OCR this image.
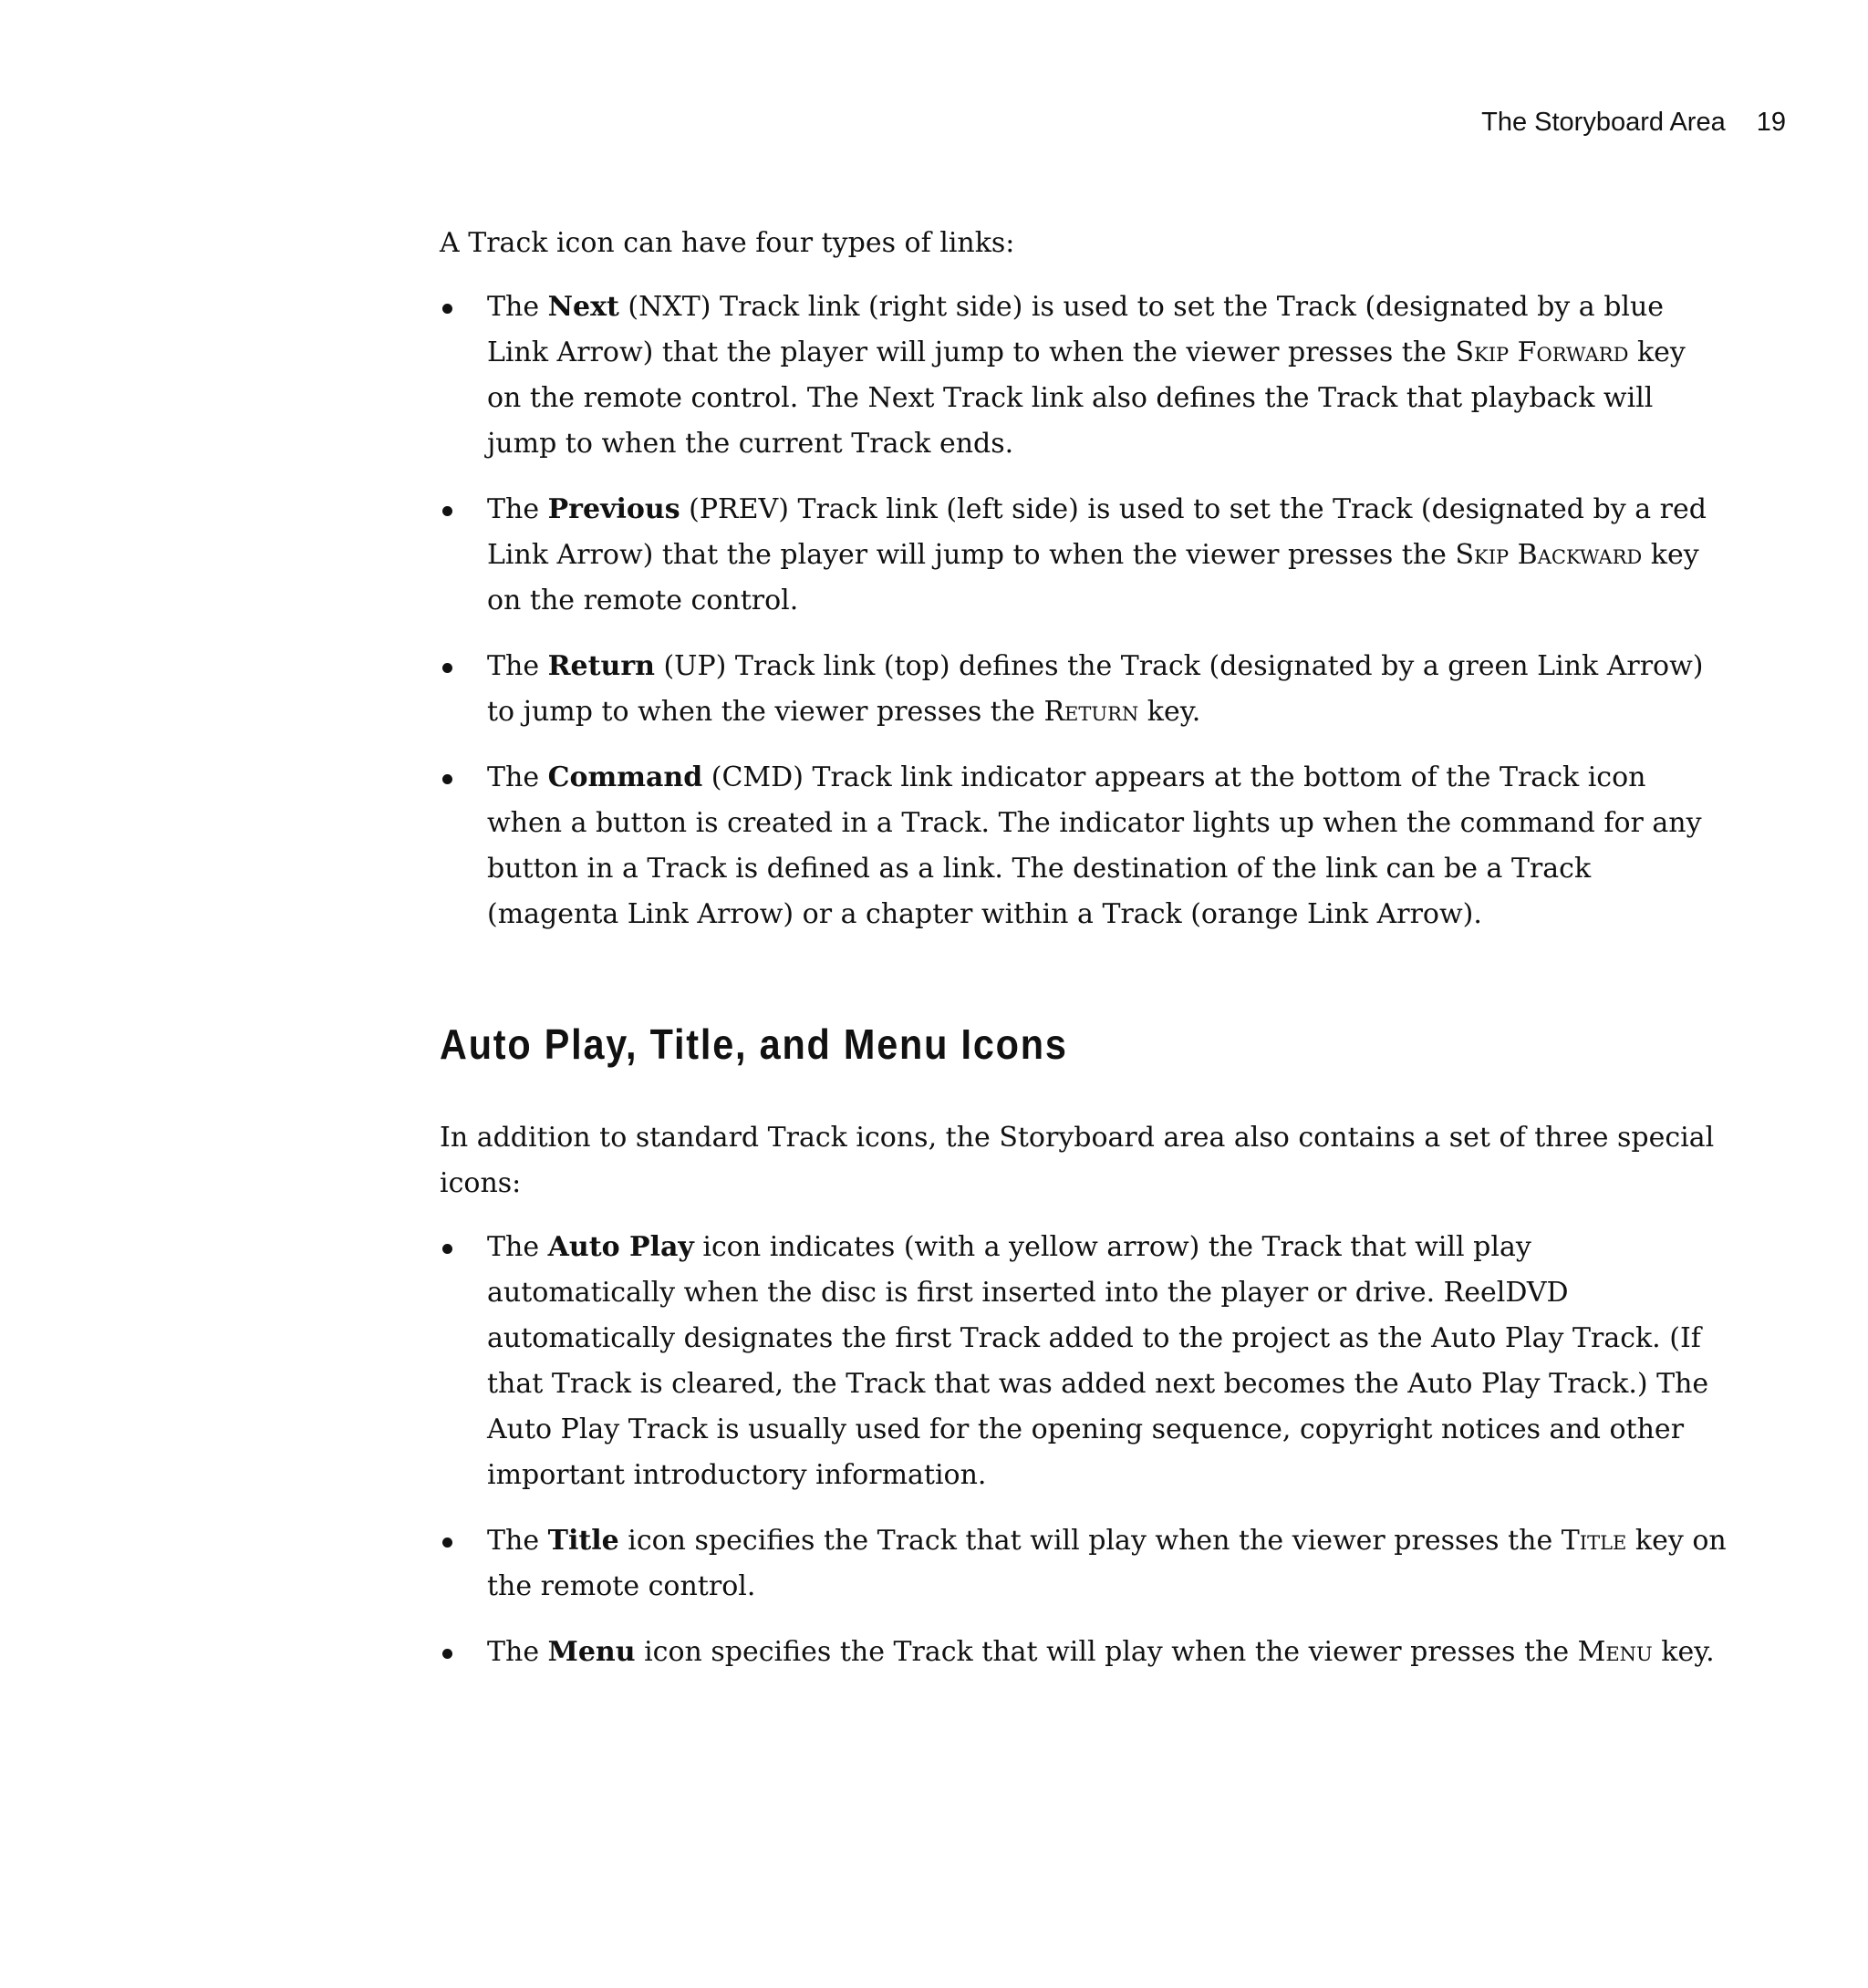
The Storyboard Area 19

A Track icon can have four types of links:

The Next (NXT) Track link (right side) is used to set the Track (designated by a blue Link Arrow) that the player will jump to when the viewer presses the Skip Forward key on the remote control. The Next Track link also defines the Track that playback will jump to when the current Track ends.
The Previous (PREV) Track link (left side) is used to set the Track (designated by a red Link Arrow) that the player will jump to when the viewer presses the Skip Backward key on the remote control.
The Return (UP) Track link (top) defines the Track (designated by a green Link Arrow) to jump to when the viewer presses the Return key.
The Command (CMD) Track link indicator appears at the bottom of the Track icon when a button is created in a Track. The indicator lights up when the command for any button in a Track is defined as a link. The destination of the link can be a Track (magenta Link Arrow) or a chapter within a Track (orange Link Arrow).
Auto Play, Title, and Menu Icons

In addition to standard Track icons, the Storyboard area also contains a set of three special icons:

The Auto Play icon indicates (with a yellow arrow) the Track that will play automatically when the disc is first inserted into the player or drive. ReelDVD automatically designates the first Track added to the project as the Auto Play Track. (If that Track is cleared, the Track that was added next becomes the Auto Play Track.) The Auto Play Track is usually used for the opening sequence, copyright notices and other important introductory information.
The Title icon specifies the Track that will play when the viewer presses the Title key on the remote control.
The Menu icon specifies the Track that will play when the viewer presses the Menu key.
